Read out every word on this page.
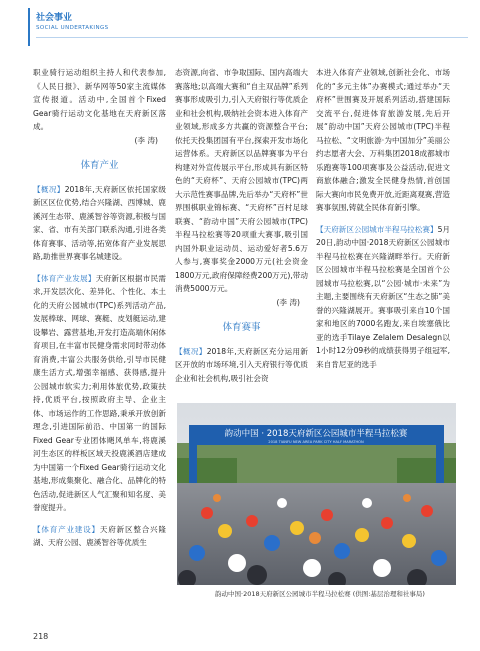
社会事业
SOCIAL UNDERTAKINGS

职业骑行运动组织主持人和代表参加,《人民日报》、新华网等50家主流媒体宣传报道。活动中,全国首个Fixed Gear骑行运动文化基地在天府新区落成。

(李 涛)

体育产业

【概况】2018年,天府新区依托国家级新区区位优势,结合兴隆湖、西博城、鹿溪河生态带、鹿溪智谷等资源,积极与国家、省、市有关部门联系沟通,引进各类体育赛事、活动等,拓宽体育产业发展思路,助推世界赛事名城建设。

【体育产业发展】天府新区根据市民需求,开发层次化、差异化、个性化、本土化的天府公园城市(TPC)系列活动产品,发展棒球、网球、赛艇、皮划艇运动,建设攀岩、露营基地,开发打造高端休闲体育项目,在丰富市民健身需求同时带动体育消费,丰富公共服务供给,引导市民健康生活方式,增强幸福感、获得感,提升公园城市软实力;利用体旅优势,政策扶持,优质平台,按照政府主导、企业主体、市场运作的工作思路,秉承开放创新理念,引进国际前沿、中国第一的国际Fixed Gear专业团体飓风单车,将鹿溪河生态区的样板区域天投鹿溪酒店建成为中国第一个Fixed Gear骑行运动文化基地,形成集聚化、融合化、品牌化的特色活动,促进新区人气汇聚和知名度、美誉度提升。

【体育产业建设】天府新区整合兴隆湖、天府公园、鹿溪智谷等优质生

态资源,向省、市争取国际、国内高端大赛落地;以高端大赛和“自主双品牌”系列赛事形成吸引力,引入天府银行等优质企业和社会机构,吸纳社会资本进入体育产业领域,形成多方共赢的资源整合平台;依托天投集团国有平台,探索开发市场化运营体系。天府新区以品牌赛事为平台构建对外宣传展示平台,形成具有新区特色的“天府杯”、天府公园城市(TPC)两大示范性赛事品牌,先后举办“天府杯”世界围棋职业锦标赛、“天府杯”百村足球联赛、“韵动中国”天府公园城市(TPC)半程马拉松赛等20项重大赛事,吸引国内国外职业运动员、运动爱好者5.6万人参与,赛事奖金2000万元(社会资金1800万元,政府保障经费200万元),带动消费5000万元。

(李 涛)

体育赛事

【概况】2018年,天府新区充分运用新区开放的市场环境,引入天府银行等优质企业和社会机构,吸引社会资

本进入体育产业领域,创新社会化、市场化的“多元主体”办赛模式;通过举办“天府杯”世围赛及开展系列活动,搭建国际交流平台,促进体育旅游发展,先后开展“韵动中国”天府公园城市(TPC)半程马拉松、“文明旅游·为中国加分”美丽公约志愿者大会、万科集团2018成都城市乐跑赛等100项赛事及公益活动,促进文商旅体融合;激发全民健身热情,首创国际大赛向市民免费开放,近距离观赛,营造赛事氛围,铸就全民体育新引擎。

【天府新区公园城市半程马拉松赛】5月20日,韵动中国·2018天府新区公园城市半程马拉松赛在兴隆湖畔举行。天府新区公园城市半程马拉松赛是全国首个公园城市马拉松赛,以“公园·城市·未来”为主题,主要围绕有天府新区“生态之肺”美誉的兴隆湖展开。赛事吸引来自10个国家和地区的7000名跑友,来自埃塞俄比亚的选手Tilaye Zelalem Desalegn以1小时12分09秒的成绩获得男子组冠军,来自肯尼亚的选手

韵动中国 · 2018天府新区公园城市半程马拉松赛
2018 TIANFU NEW AREA PARK CITY HALF MARATHON
韵动中国·2018天府新区公园城市半程马拉松赛 (供图:基层治理和社事局)
218
